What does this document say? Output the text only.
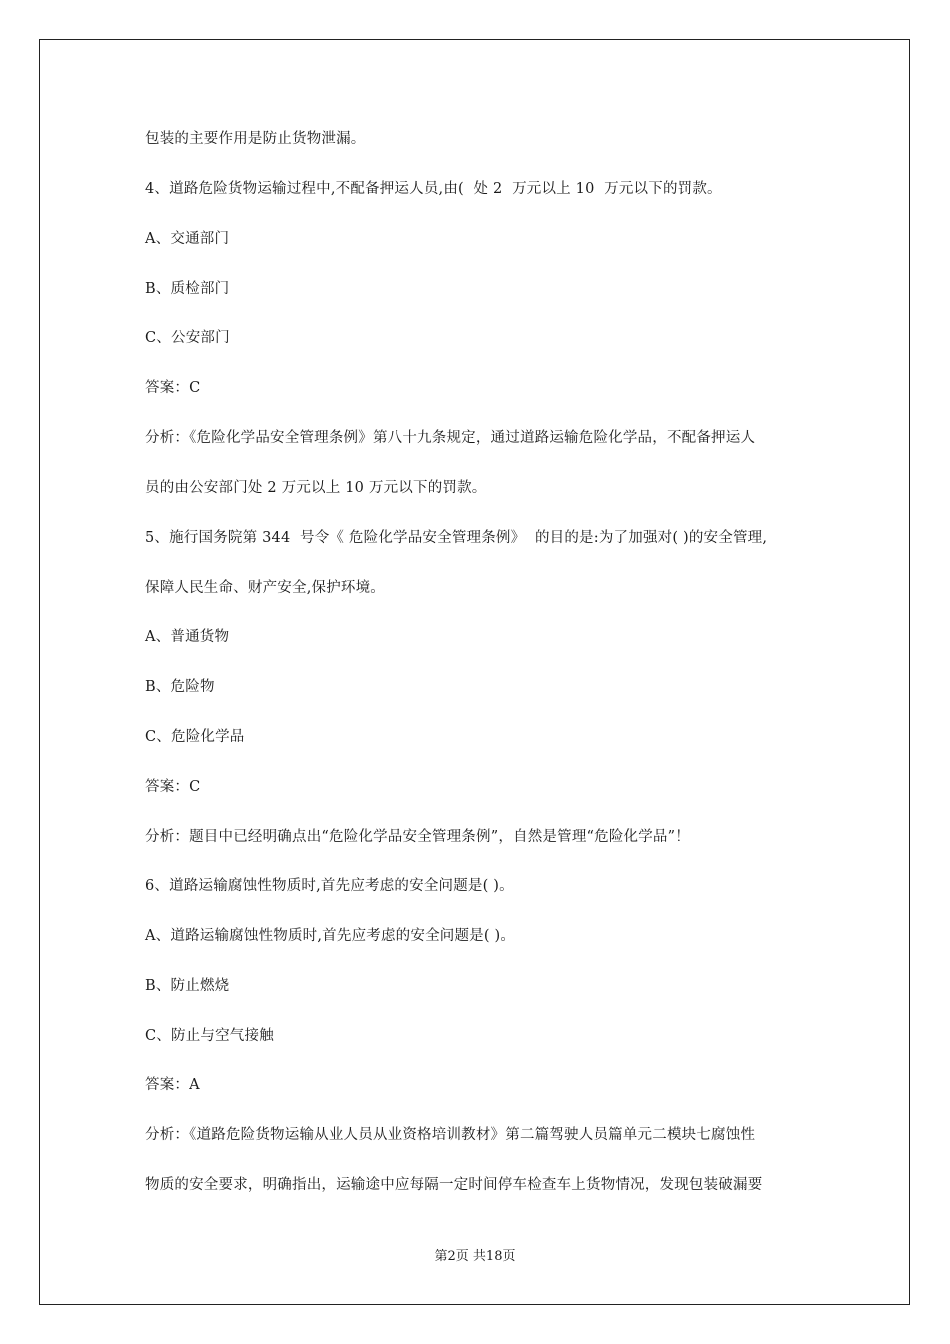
包装的主要作用是防止货物泄漏。
4、道路危险货物运输过程中,不配备押运人员,由(  处 2  万元以上 10  万元以下的罚款。
A、交通部门
B、质检部门
C、公安部门
答案：C
分析：《危险化学品安全管理条例》第八十九条规定，通过道路运输危险化学品，不配备押运人
员的由公安部门处 2 万元以上 10 万元以下的罚款。
5、施行国务院第 344  号令《 危险化学品安全管理条例》  的目的是:为了加强对( )的安全管理,
保障人民生命、财产安全,保护环境。
A、普通货物
B、危险物
C、危险化学品
答案：C
分析：题目中已经明确点出“危险化学品安全管理条例”，自然是管理“危险化学品”！
6、道路运输腐蚀性物质时,首先应考虑的安全问题是( )。
A、道路运输腐蚀性物质时,首先应考虑的安全问题是( )。
B、防止燃烧
C、防止与空气接触
答案：A
分析：《道路危险货物运输从业人员从业资格培训教材》第二篇驾驶人员篇单元二模块七腐蚀性
物质的安全要求，明确指出，运输途中应每隔一定时间停车检查车上货物情况，发现包装破漏要
第2页 共18页
